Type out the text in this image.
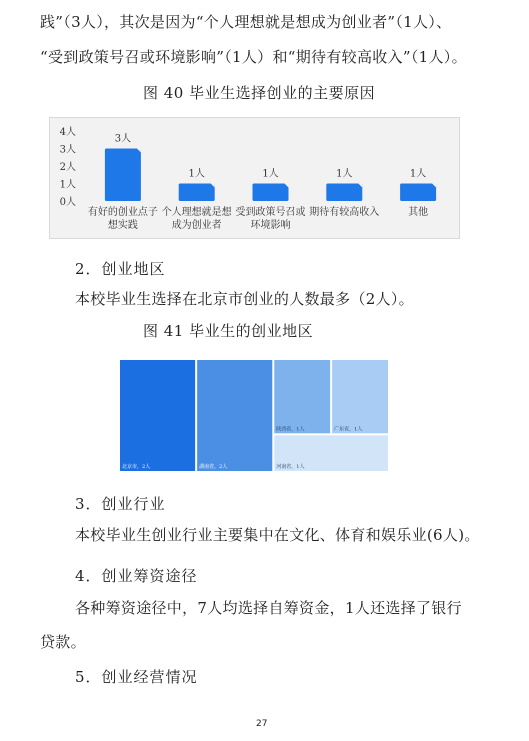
践”（3人），其次是因为“个人理想就是想成为创业者”（1人）、
“受到政策号召或环境影响”（1人）和“期待有较高收入”（1人）。
图 40 毕业生选择创业的主要原因
0人
1人
2人
3人
4人
3人
有好的创业点子
想实践
1人
个人理想就是想
成为创业者
1人
受到政策号召或
环境影响
1人
期待有较高收入
1人
其他
2．创业地区
本校毕业生选择在北京市创业的人数最多（2人）。
图 41 毕业生的创业地区
北京市，2人	湖南省，2人
陕西省，1人	广东省，1人
河南省，1人
3．创业行业
本校毕业生创业行业主要集中在文化、体育和娱乐业(6人)。
4．创业筹资途径
各种筹资途径中，7人均选择自筹资金，1人还选择了银行
贷款。
5．创业经营情况
27
